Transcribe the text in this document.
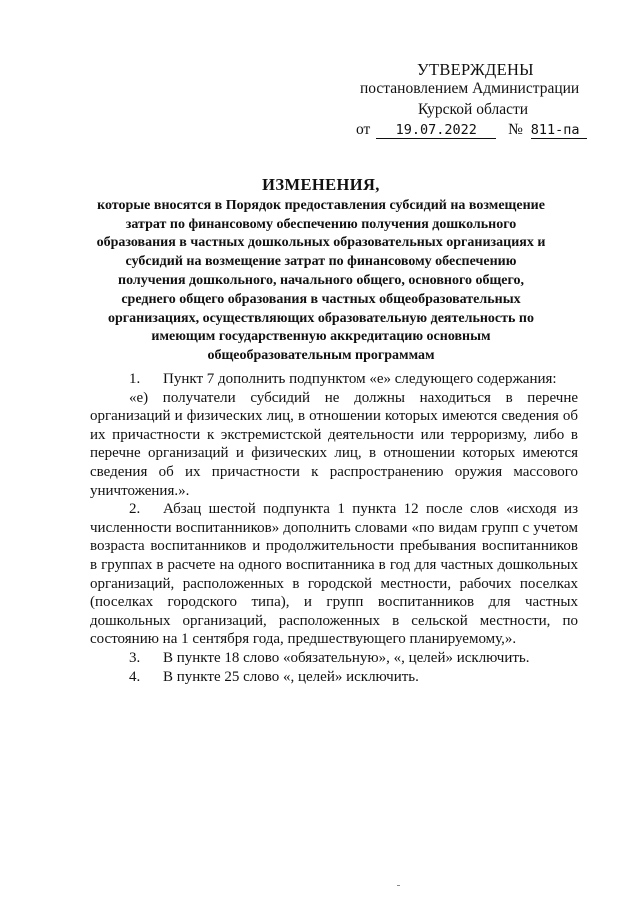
УТВЕРЖДЕНЫ
постановлением Администрации
Курской области
от 19.07.2022 № 811-па
ИЗМЕНЕНИЯ,
которые вносятся в Порядок предоставления субсидий на возмещение
затрат по финансовому обеспечению получения дошкольного
образования в частных дошкольных образовательных организациях и
субсидий на возмещение затрат по финансовому обеспечению
получения дошкольного, начального общего, основного общего,
среднего общего образования в частных общеобразовательных
организациях, осуществляющих образовательную деятельность по
имеющим государственную аккредитацию основным
общеобразовательным программам

1. Пункт 7 дополнить подпунктом «е» следующего содержания:

«е) получатели субсидий не должны находиться в перечне организаций и физических лиц, в отношении которых имеются сведения об их причастности к экстремистской деятельности или терроризму, либо в перечне организаций и физических лиц, в отношении которых имеются сведения об их причастности к распространению оружия массового уничтожения.».

2. Абзац шестой подпункта 1 пункта 12 после слов «исходя из численности воспитанников» дополнить словами «по видам групп с учетом возраста воспитанников и продолжительности пребывания воспитанников в группах в расчете на одного воспитанника в год для частных дошкольных организаций, расположенных в городской местности, рабочих поселках (поселках городского типа), и групп воспитанников для частных дошкольных организаций, расположенных в сельской местности, по состоянию на 1 сентября года, предшествующего планируемому,».

3. В пункте 18 слово «обязательную», «, целей» исключить.

4. В пункте 25 слово «, целей» исключить.
